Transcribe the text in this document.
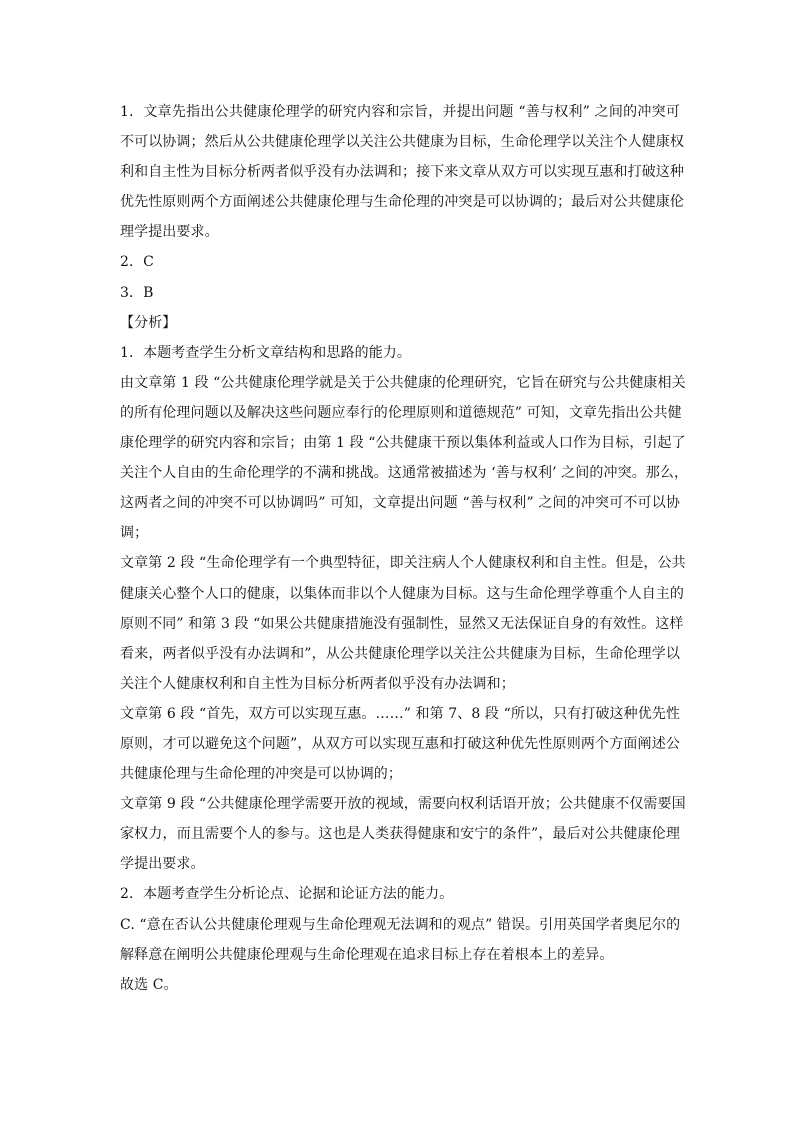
1．文章先指出公共健康伦理学的研究内容和宗旨，并提出问题 “善与权利” 之间的冲突可
不可以协调；然后从公共健康伦理学以关注公共健康为目标，生命伦理学以关注个人健康权
利和自主性为目标分析两者似乎没有办法调和；接下来文章从双方可以实现互惠和打破这种
优先性原则两个方面阐述公共健康伦理与生命伦理的冲突是可以协调的；最后对公共健康伦
理学提出要求。
2．C
3．B
【分析】
1．本题考查学生分析文章结构和思路的能力。
由文章第 1 段 “公共健康伦理学就是关于公共健康的伦理研究，它旨在研究与公共健康相关
的所有伦理问题以及解决这些问题应奉行的伦理原则和道德规范” 可知，文章先指出公共健
康伦理学的研究内容和宗旨；由第 1 段 “公共健康干预以集体利益或人口作为目标，引起了
关注个人自由的生命伦理学的不满和挑战。这通常被描述为 ‘善与权利’ 之间的冲突。那么，
这两者之间的冲突不可以协调吗” 可知，文章提出问题 “善与权利” 之间的冲突可不可以协
调；
文章第 2 段 “生命伦理学有一个典型特征，即关注病人个人健康权利和自主性。但是，公共
健康关心整个人口的健康，以集体而非以个人健康为目标。这与生命伦理学尊重个人自主的
原则不同” 和第 3 段 “如果公共健康措施没有强制性，显然又无法保证自身的有效性。这样
看来，两者似乎没有办法调和”，从公共健康伦理学以关注公共健康为目标，生命伦理学以
关注个人健康权利和自主性为目标分析两者似乎没有办法调和；
文章第 6 段 “首先，双方可以实现互惠。……” 和第 7、8 段 “所以，只有打破这种优先性
原则，才可以避免这个问题”，从双方可以实现互惠和打破这种优先性原则两个方面阐述公
共健康伦理与生命伦理的冲突是可以协调的；
文章第 9 段 “公共健康伦理学需要开放的视域，需要向权利话语开放；公共健康不仅需要国
家权力，而且需要个人的参与。这也是人类获得健康和安宁的条件”，最后对公共健康伦理
学提出要求。
2．本题考查学生分析论点、论据和论证方法的能力。
C. “意在否认公共健康伦理观与生命伦理观无法调和的观点” 错误。引用英国学者奥尼尔的
解释意在阐明公共健康伦理观与生命伦理观在追求目标上存在着根本上的差异。
故选 C。
